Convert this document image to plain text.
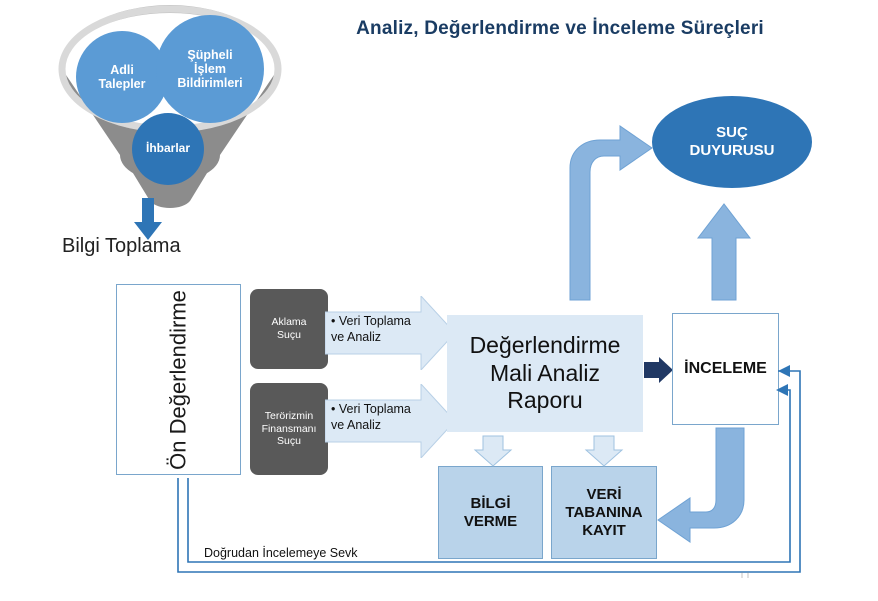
Analiz, Değerlendirme ve İnceleme Süreçleri
Adli
Talepler
Şüpheli
İşlem
Bildirimleri
İhbarlar
Bilgi Toplama
Ön Değerlendirme	Aklama
Suçu
Terörizmin
Finansmanı
Suçu
• Veri Toplama
ve Analiz
• Veri Toplama
ve Analiz
Değerlendirme
Mali Analiz
Raporu
İNCELEME
SUÇ
DUYURUSU
BİLGİ
VERME
VERİ
TABANINA
KAYIT
Doğrudan İncelemeye Sevk
